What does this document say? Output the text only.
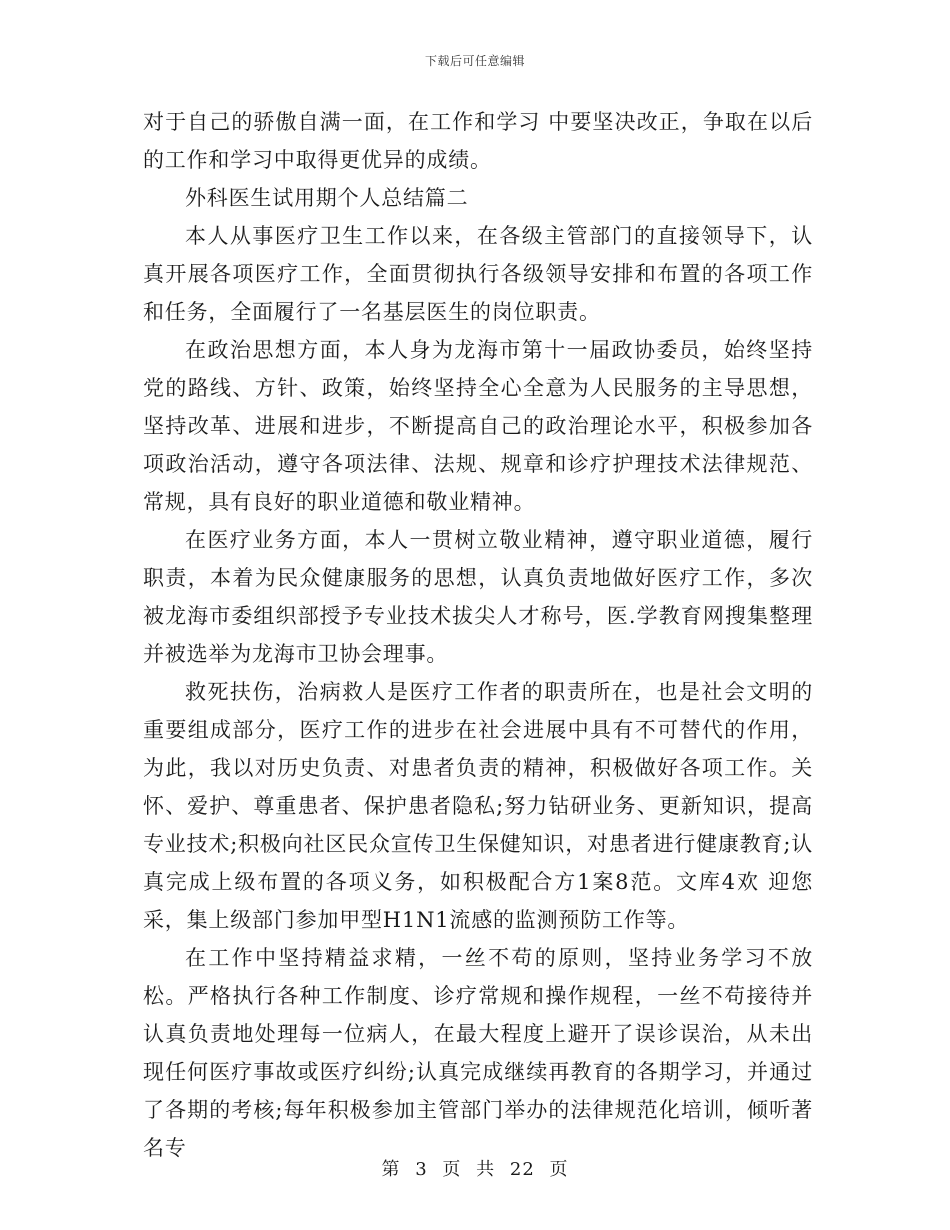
下载后可任意编辑

对于自己的骄傲自满一面，在工作和学习 中要坚决改正，争取在以后的工作和学习中取得更优异的成绩。

外科医生试用期个人总结篇二

本人从事医疗卫生工作以来，在各级主管部门的直接领导下，认真开展各项医疗工作，全面贯彻执行各级领导安排和布置的各项工作和任务，全面履行了一名基层医生的岗位职责。

在政治思想方面，本人身为龙海市第十一届政协委员，始终坚持党的路线、方针、政策，始终坚持全心全意为人民服务的主导思想，坚持改革、进展和进步，不断提高自己的政治理论水平，积极参加各项政治活动，遵守各项法律、法规、规章和诊疗护理技术法律规范、常规，具有良好的职业道德和敬业精神。

在医疗业务方面，本人一贯树立敬业精神，遵守职业道德，履行职责，本着为民众健康服务的思想，认真负责地做好医疗工作，多次被龙海市委组织部授予专业技术拔尖人才称号，医.学教育网搜集整理并被选举为龙海市卫协会理事。

救死扶伤，治病救人是医疗工作者的职责所在，也是社会文明的重要组成部分，医疗工作的进步在社会进展中具有不可替代的作用，为此，我以对历史负责、对患者负责的精神，积极做好各项工作。关怀、爱护、尊重患者、保护患者隐私;努力钻研业务、更新知识，提高专业技术;积极向社区民众宣传卫生保健知识，对患者进行健康教育;认真完成上级布置的各项义务，如积极配合方1案8范。文库4欢 迎您采，集上级部门参加甲型H1N1流感的监测预防工作等。

在工作中坚持精益求精，一丝不苟的原则，坚持业务学习不放松。严格执行各种工作制度、诊疗常规和操作规程，一丝不苟接待并认真负责地处理每一位病人，在最大程度上避开了误诊误治，从未出现任何医疗事故或医疗纠纷;认真完成继续再教育的各期学习，并通过了各期的考核;每年积极参加主管部门举办的法律规范化培训，倾听著名专

第 3 页 共 22 页
